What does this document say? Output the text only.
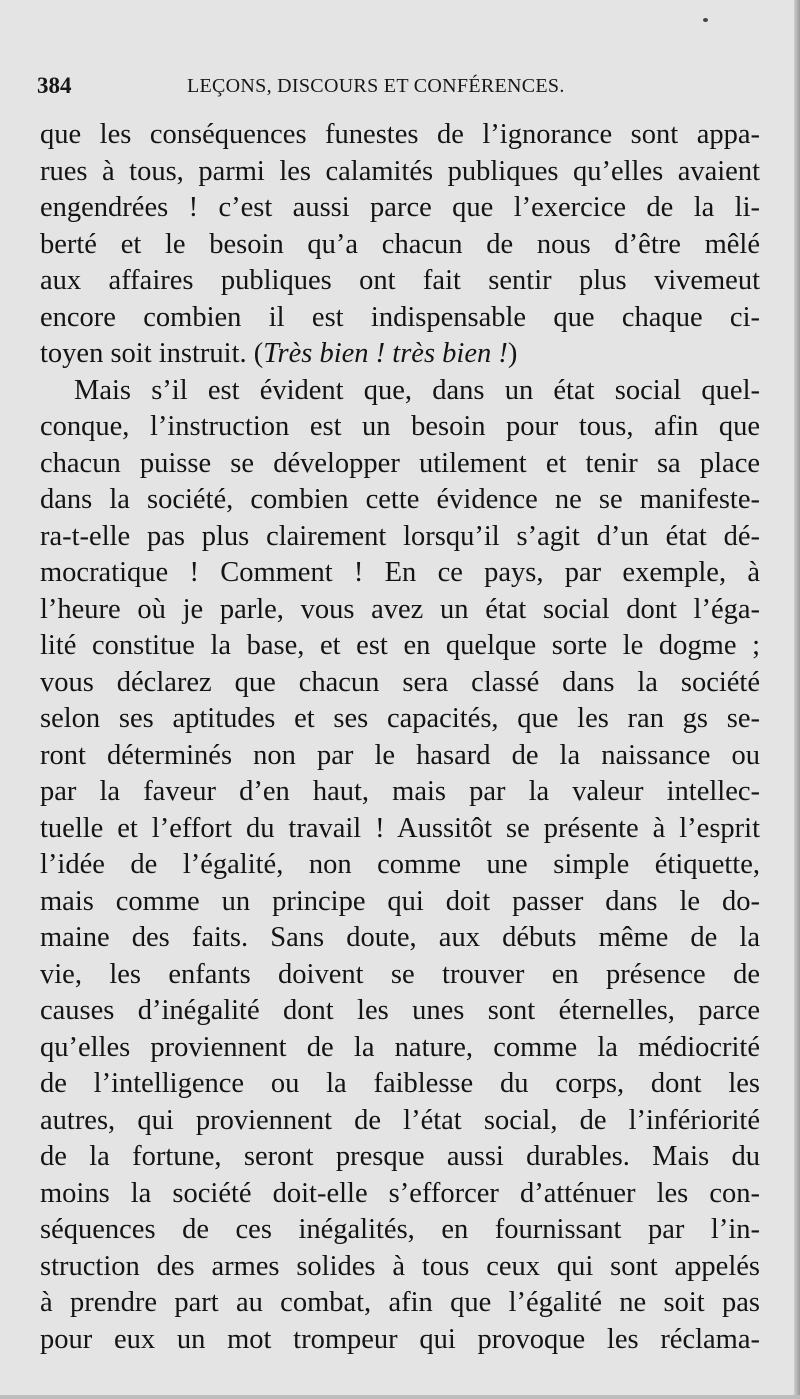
384	LEÇONS, DISCOURS ET CONFÉRENCES.
que les conséquences funestes de l’ignorance sont appa-
rues à tous, parmi les calamités publiques qu’elles avaient
engendrées ! c’est aussi parce que l’exercice de la li-
berté et le besoin qu’a chacun de nous d’être mêlé
aux affaires publiques ont fait sentir plus vivemeut
encore combien il est indispensable que chaque ci-
toyen soit instruit. (Très bien ! très bien !)
Mais s’il est évident que, dans un état social quel-
conque, l’instruction est un besoin pour tous, afin que
chacun puisse se développer utilement et tenir sa place
dans la société, combien cette évidence ne se manifeste-
ra-t-elle pas plus clairement lorsqu’il s’agit d’un état dé-
mocratique ! Comment ! En ce pays, par exemple, à
l’heure où je parle, vous avez un état social dont l’éga-
lité constitue la base, et est en quelque sorte le dogme ;
vous déclarez que chacun sera classé dans la société
selon ses aptitudes et ses capacités, que les ran gs se-
ront déterminés non par le hasard de la naissance ou
par la faveur d’en haut, mais par la valeur intellec-
tuelle et l’effort du travail ! Aussitôt se présente à l’esprit
l’idée de l’égalité, non comme une simple étiquette,
mais comme un principe qui doit passer dans le do-
maine des faits. Sans doute, aux débuts même de la
vie, les enfants doivent se trouver en présence de
causes d’inégalité dont les unes sont éternelles, parce
qu’elles proviennent de la nature, comme la médiocrité
de l’intelligence ou la faiblesse du corps, dont les
autres, qui proviennent de l’état social, de l’infériorité
de la fortune, seront presque aussi durables. Mais du
moins la société doit-elle s’efforcer d’atténuer les con-
séquences de ces inégalités, en fournissant par l’in-
struction des armes solides à tous ceux qui sont appelés
à prendre part au combat, afin que l’égalité ne soit pas
pour eux un mot trompeur qui provoque les réclama-
